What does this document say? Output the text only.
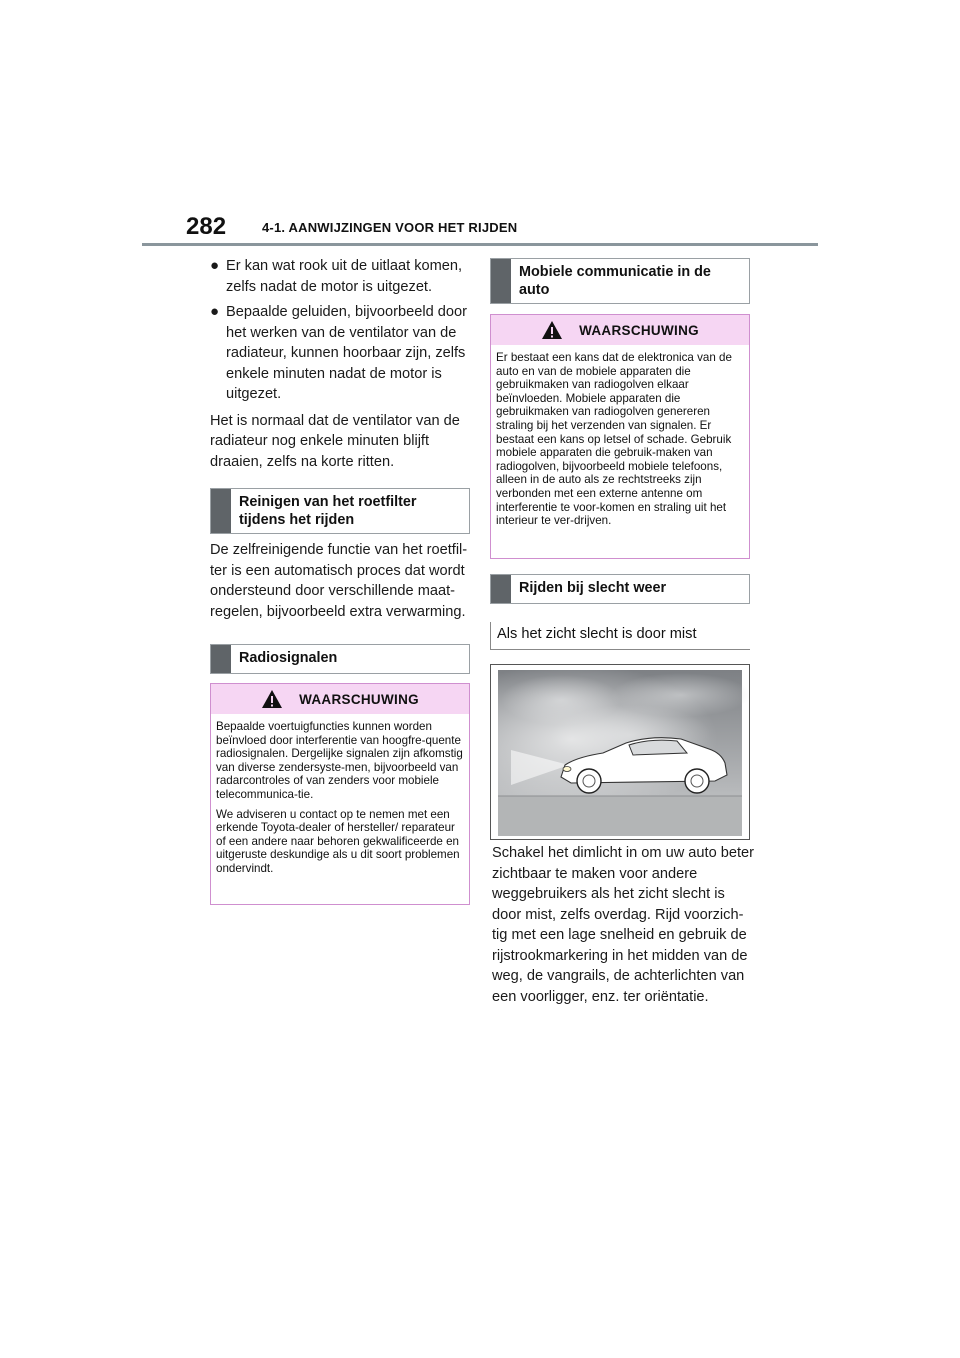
282	4-1. AANWIJZINGEN VOOR HET RIJDEN
● Er kan wat rook uit de uitlaat komen, zelfs nadat de motor is uitgezet.
● Bepaalde geluiden, bijvoorbeeld door het werken van de ventilator van de radiateur, kunnen hoorbaar zijn, zelfs enkele minuten nadat de motor is uitgezet.

Het is normaal dat de ventilator van de radiateur nog enkele minuten blijft draaien, zelfs na korte ritten.

Reinigen van het roetfilter tijdens het rijden

De zelfreinigende functie van het roetfil-ter is een automatisch proces dat wordt ondersteund door verschillende maat-regelen, bijvoorbeeld extra verwarming.

Radiosignalen
WAARSCHUWING

Bepaalde voertuigfuncties kunnen worden beïnvloed door interferentie van hoogfre-quente radiosignalen. Dergelijke signalen zijn afkomstig van diverse zendersyste-men, bijvoorbeeld van radarcontroles of van zenders voor mobiele telecommunica-tie.

We adviseren u contact op te nemen met een erkende Toyota-dealer of hersteller/ reparateur of een andere naar behoren gekwalificeerde en uitgeruste deskundige als u dit soort problemen ondervindt.

Mobiele communicatie in de auto
WAARSCHUWING

Er bestaat een kans dat de elektronica van de auto en van de mobiele apparaten die gebruikmaken van radiogolven elkaar beïnvloeden. Mobiele apparaten die gebruikmaken van radiogolven genereren straling bij het verzenden van signalen. Er bestaat een kans op letsel of schade. Gebruik mobiele apparaten die gebruik-maken van radiogolven, bijvoorbeeld mobiele telefoons, alleen in de auto als ze rechtstreeks zijn verbonden met een externe antenne om interferentie te voor-komen en straling uit het interieur te ver-drijven.

Rijden bij slecht weer
Als het zicht slecht is door mist

Schakel het dimlicht in om uw auto beter zichtbaar te maken voor andere weggebruikers als het zicht slecht is door mist, zelfs overdag. Rijd voorzich-tig met een lage snelheid en gebruik de rijstrookmarkering in het midden van de weg, de vangrails, de achterlichten van een voorligger, enz. ter oriëntatie.
